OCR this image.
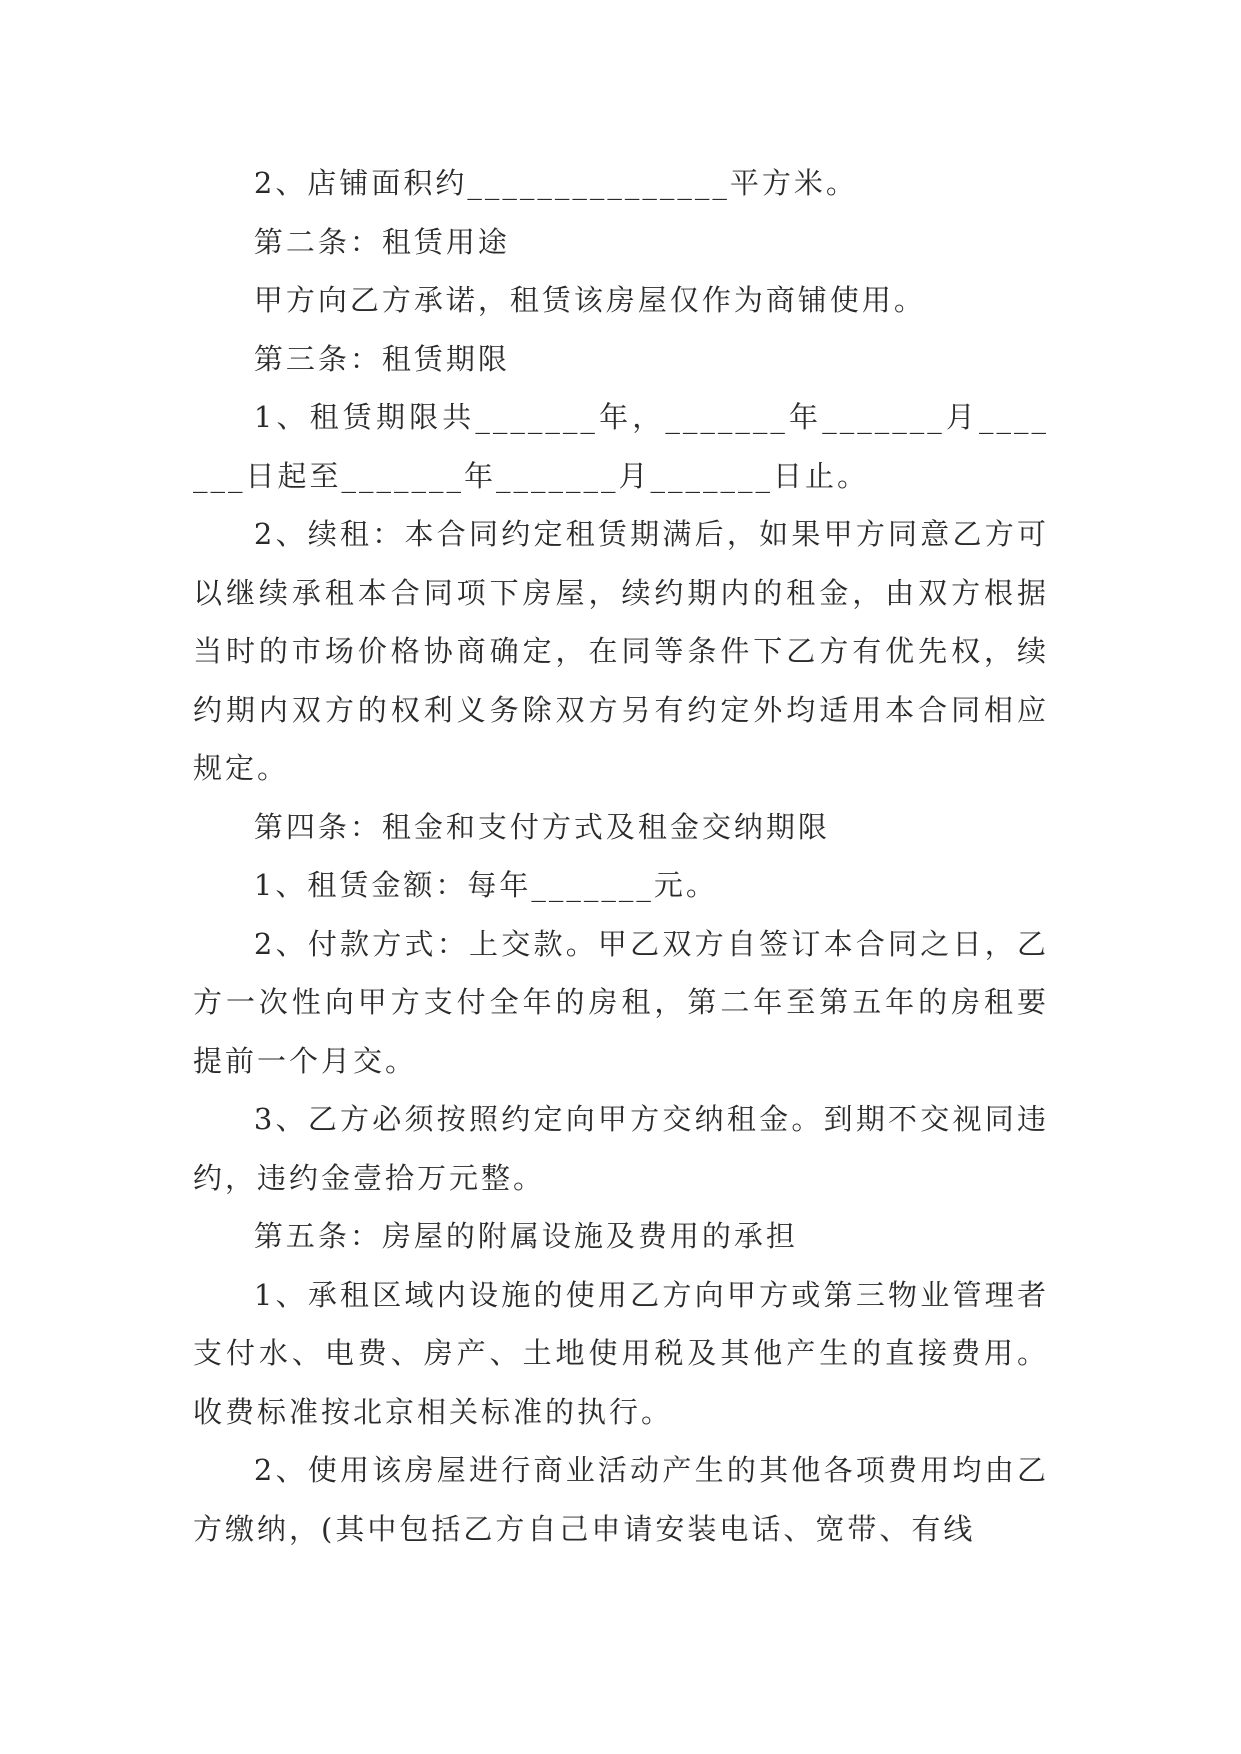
2、店铺面积约_______________平方米。

第二条：租赁用途

甲方向乙方承诺，租赁该房屋仅作为商铺使用。

第三条：租赁期限

1、租赁期限共_______年，_______年_______月_______日起至_______年_______月_______日止。

2、续租：本合同约定租赁期满后，如果甲方同意乙方可以继续承租本合同项下房屋，续约期内的租金，由双方根据当时的市场价格协商确定，在同等条件下乙方有优先权，续约期内双方的权利义务除双方另有约定外均适用本合同相应规定。

第四条：租金和支付方式及租金交纳期限

1、租赁金额：每年_______元。

2、付款方式：上交款。甲乙双方自签订本合同之日，乙方一次性向甲方支付全年的房租，第二年至第五年的房租要提前一个月交。

3、乙方必须按照约定向甲方交纳租金。到期不交视同违约，违约金壹拾万元整。

第五条：房屋的附属设施及费用的承担

1、承租区域内设施的使用乙方向甲方或第三物业管理者支付水、电费、房产、土地使用税及其他产生的直接费用。收费标准按北京相关标准的执行。

2、使用该房屋进行商业活动产生的其他各项费用均由乙方缴纳，(其中包括乙方自己申请安装电话、宽带、有线
